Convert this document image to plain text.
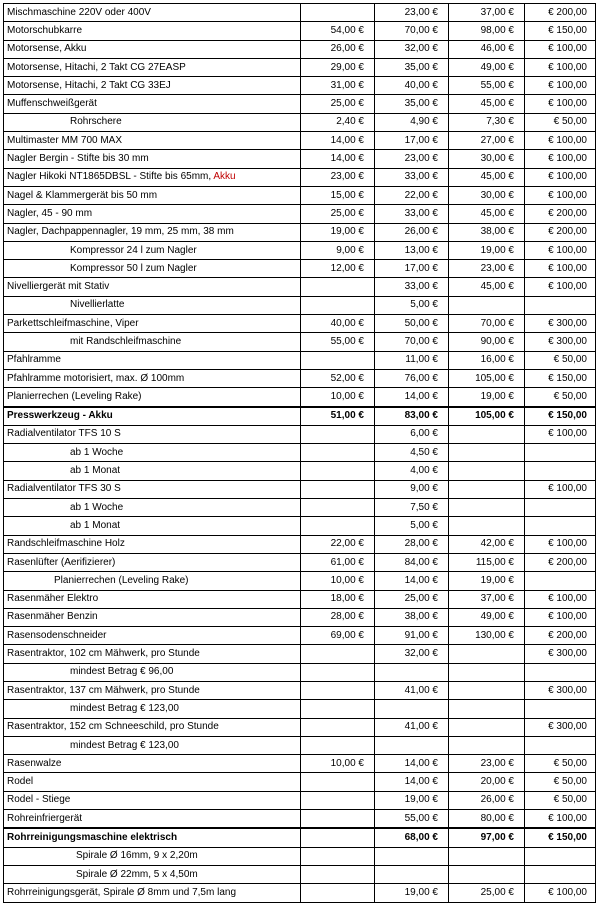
Mischmaschine 220V oder 400V		23,00 €	37,00 €	€ 200,00
Motorschubkarre	54,00 €	70,00 €	98,00 €	€ 150,00
Motorsense, Akku	26,00 €	32,00 €	46,00 €	€ 100,00
Motorsense, Hitachi, 2 Takt CG 27EASP	29,00 €	35,00 €	49,00 €	€ 100,00
Motorsense, Hitachi, 2 Takt CG 33EJ	31,00 €	40,00 €	55,00 €	€ 100,00
Muffenschweißgerät	25,00 €	35,00 €	45,00 €	€ 100,00
Rohrschere	2,40 €	4,90 €	7,30 €	€ 50,00
Multimaster MM 700 MAX	14,00 €	17,00 €	27,00 €	€ 100,00
Nagler Bergin - Stifte bis 30 mm	14,00 €	23,00 €	30,00 €	€ 100,00
Nagler Hikoki NT1865DBSL - Stifte bis 65mm, Akku	23,00 €	33,00 €	45,00 €	€ 100,00
Nagel & Klammergerät bis 50 mm	15,00 €	22,00 €	30,00 €	€ 100,00
Nagler, 45 - 90 mm	25,00 €	33,00 €	45,00 €	€ 200,00
Nagler, Dachpappennagler, 19 mm, 25 mm, 38 mm	19,00 €	26,00 €	38,00 €	€ 200,00
Kompressor 24 l zum Nagler	9,00 €	13,00 €	19,00 €	€ 100,00
Kompressor 50 l zum Nagler	12,00 €	17,00 €	23,00 €	€ 100,00
Nivelliergerät mit Stativ		33,00 €	45,00 €	€ 100,00
Nivellierlatte		5,00 €		
Parkettschleifmaschine, Viper	40,00 €	50,00 €	70,00 €	€ 300,00
mit Randschleifmaschine	55,00 €	70,00 €	90,00 €	€ 300,00
Pfahlramme		11,00 €	16,00 €	€ 50,00
Pfahlramme motorisiert, max. Ø 100mm	52,00 €	76,00 €	105,00 €	€ 150,00
Planierrechen (Leveling Rake)	10,00 €	14,00 €	19,00 €	€ 50,00
Presswerkzeug - Akku	51,00 €	83,00 €	105,00 €	€ 150,00
Radialventilator TFS 10 S		6,00 €		€ 100,00
ab 1 Woche		4,50 €		
ab 1 Monat		4,00 €		
Radialventilator TFS 30 S		9,00 €		€ 100,00
ab 1 Woche		7,50 €		
ab 1 Monat		5,00 €		
Randschleifmaschine Holz	22,00 €	28,00 €	42,00 €	€ 100,00
Rasenlüfter (Aerifizierer)	61,00 €	84,00 €	115,00 €	€ 200,00
Planierrechen (Leveling Rake)	10,00 €	14,00 €	19,00 €	
Rasenmäher Elektro	18,00 €	25,00 €	37,00 €	€ 100,00
Rasenmäher Benzin	28,00 €	38,00 €	49,00 €	€ 100,00
Rasensodenschneider	69,00 €	91,00 €	130,00 €	€ 200,00
Rasentraktor, 102 cm Mähwerk, pro Stunde		32,00 €		€ 300,00
mindest Betrag € 96,00				
Rasentraktor, 137 cm Mähwerk, pro Stunde		41,00 €		€ 300,00
mindest Betrag € 123,00				
Rasentraktor, 152 cm Schneeschild, pro Stunde		41,00 €		€ 300,00
mindest Betrag € 123,00				
Rasenwalze	10,00 €	14,00 €	23,00 €	€ 50,00
Rodel		14,00 €	20,00 €	€ 50,00
Rodel - Stiege		19,00 €	26,00 €	€ 50,00
Rohreinfriergerät		55,00 €	80,00 €	€ 100,00
Rohrreinigungsmaschine elektrisch		68,00 €	97,00 €	€ 150,00
Spirale Ø 16mm, 9 x 2,20m				
Spirale Ø 22mm, 5 x 4,50m				
Rohrreinigungsgerät, Spirale Ø 8mm und 7,5m lang		19,00 €	25,00 €	€ 100,00
